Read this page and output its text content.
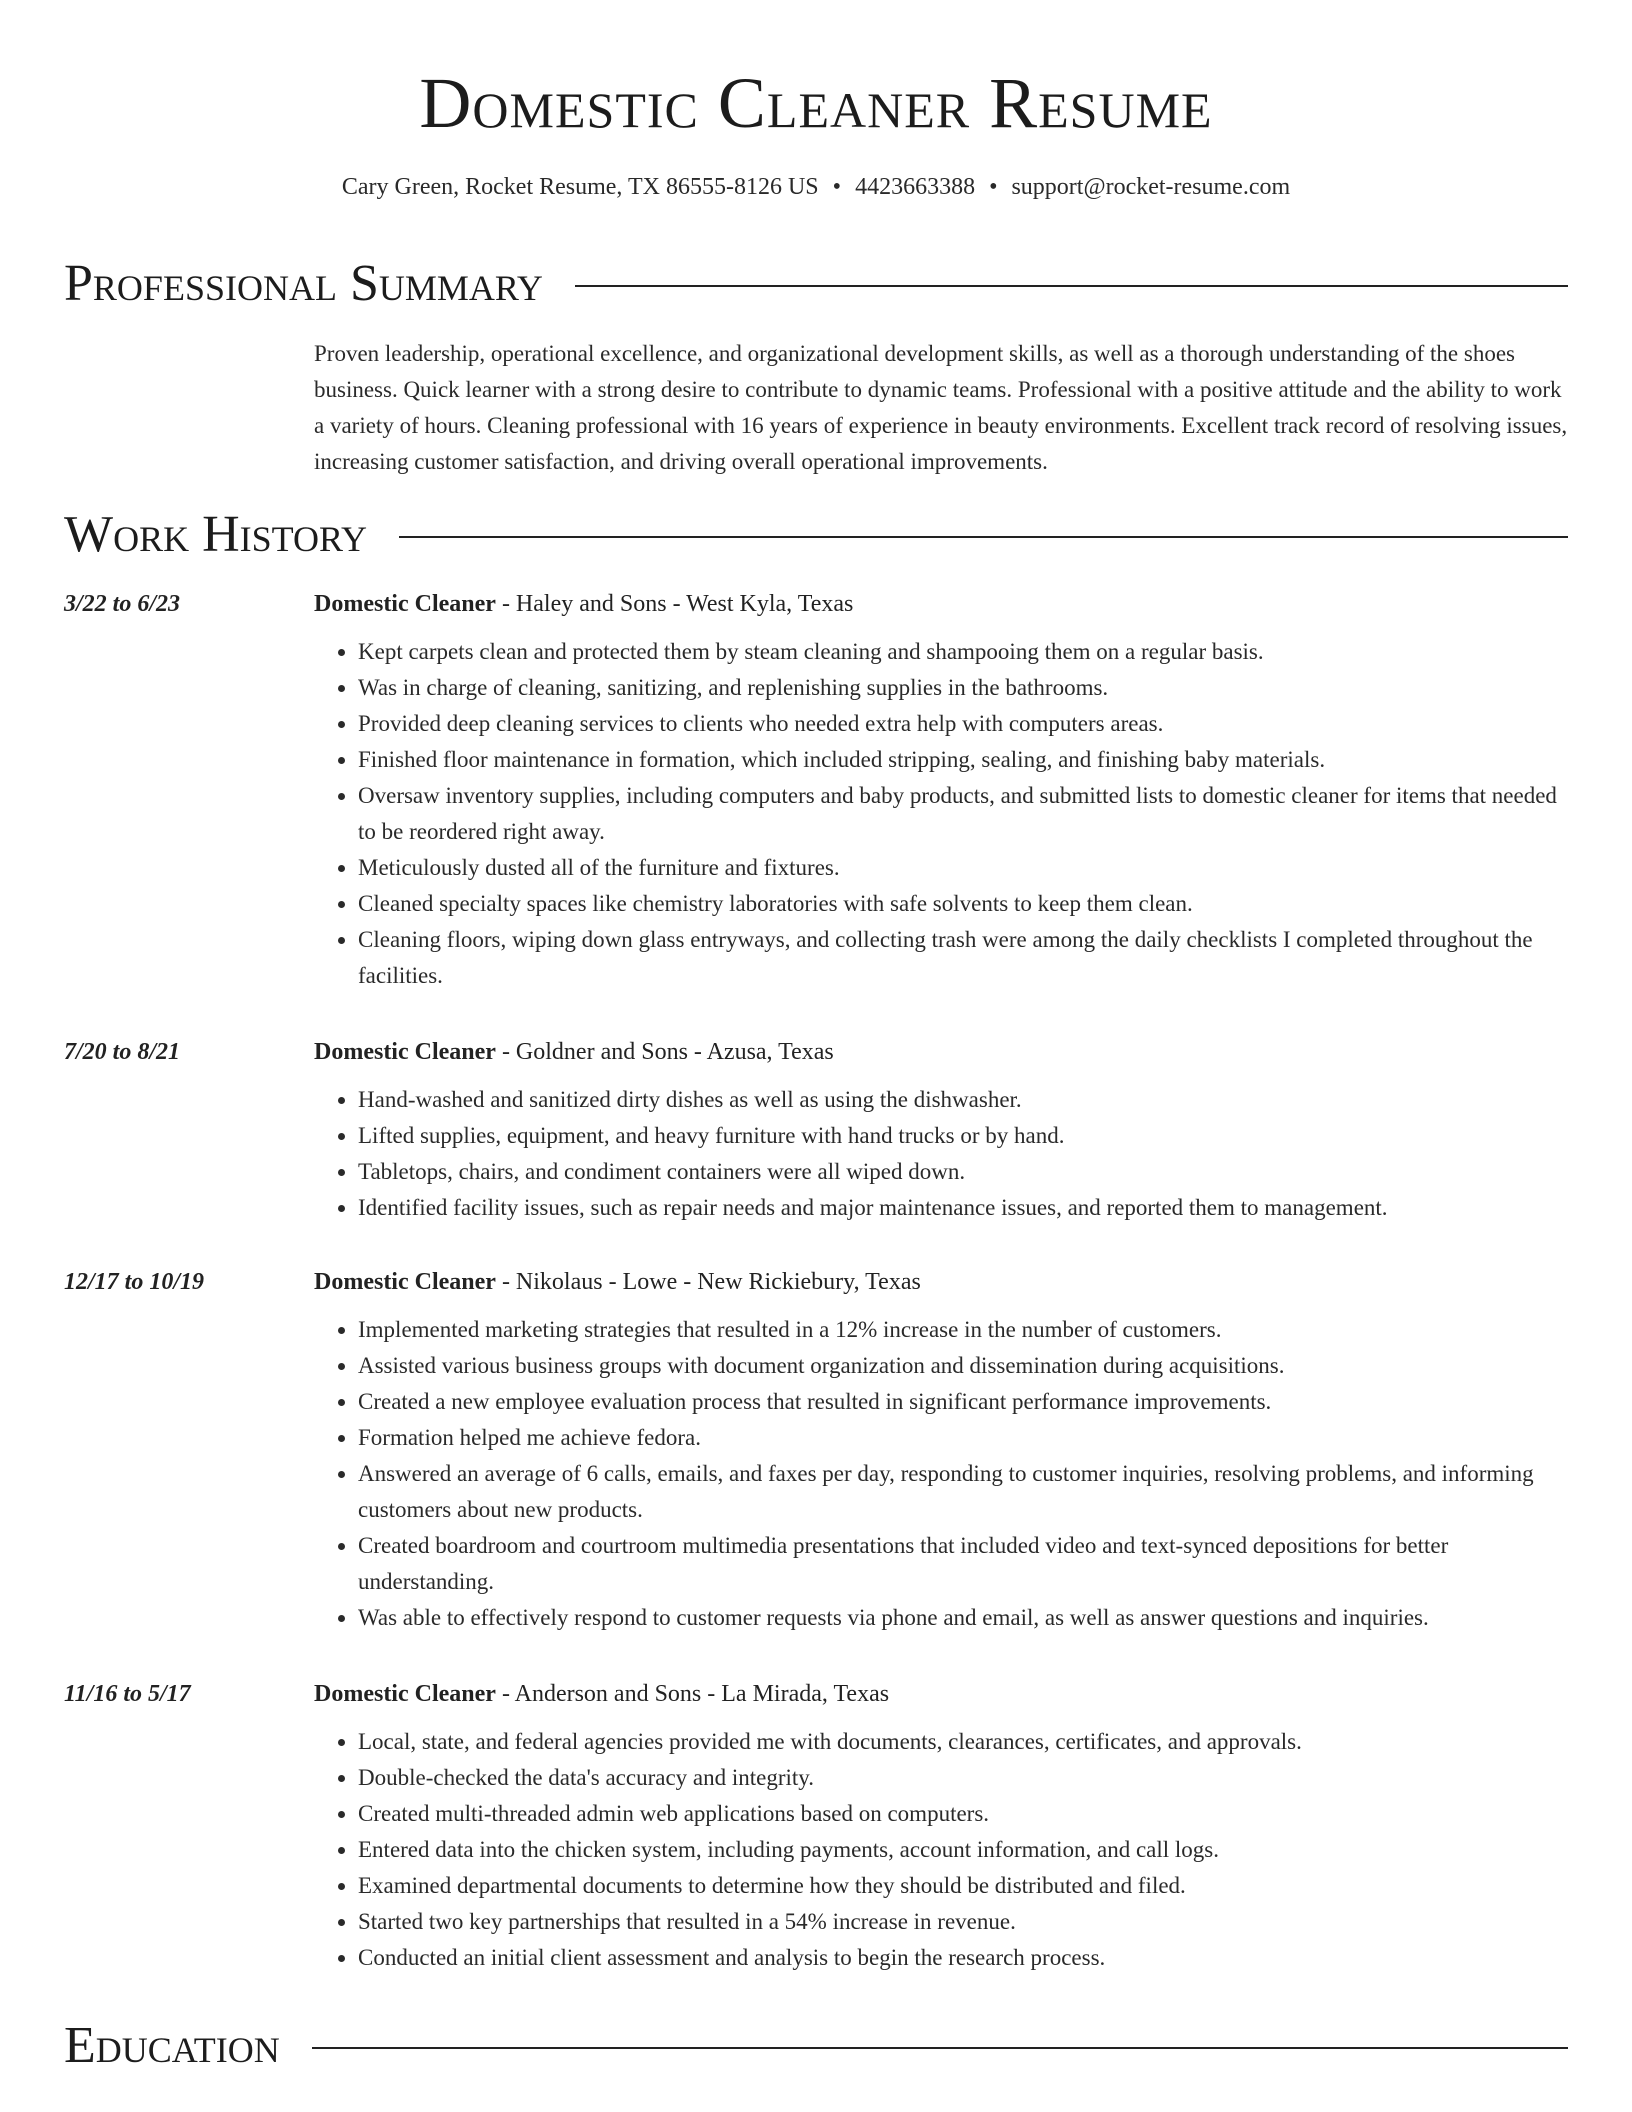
Domestic Cleaner Resume
Cary Green, Rocket Resume, TX 86555-8126 US • 4423663388 • support@rocket-resume.com
Professional Summary
Proven leadership, operational excellence, and organizational development skills, as well as a thorough understanding of the shoes business. Quick learner with a strong desire to contribute to dynamic teams. Professional with a positive attitude and the ability to work a variety of hours. Cleaning professional with 16 years of experience in beauty environments. Excellent track record of resolving issues, increasing customer satisfaction, and driving overall operational improvements.
Work History
3/22 to 6/23	Domestic Cleaner - Haley and Sons - West Kyla, Texas
• Kept carpets clean and protected them by steam cleaning and shampooing them on a regular basis.
• Was in charge of cleaning, sanitizing, and replenishing supplies in the bathrooms.
• Provided deep cleaning services to clients who needed extra help with computers areas.
• Finished floor maintenance in formation, which included stripping, sealing, and finishing baby materials.
• Oversaw inventory supplies, including computers and baby products, and submitted lists to domestic cleaner for items that needed to be reordered right away.
• Meticulously dusted all of the furniture and fixtures.
• Cleaned specialty spaces like chemistry laboratories with safe solvents to keep them clean.
• Cleaning floors, wiping down glass entryways, and collecting trash were among the daily checklists I completed throughout the facilities.
7/20 to 8/21	Domestic Cleaner - Goldner and Sons - Azusa, Texas
• Hand-washed and sanitized dirty dishes as well as using the dishwasher.
• Lifted supplies, equipment, and heavy furniture with hand trucks or by hand.
• Tabletops, chairs, and condiment containers were all wiped down.
• Identified facility issues, such as repair needs and major maintenance issues, and reported them to management.
12/17 to 10/19	Domestic Cleaner - Nikolaus - Lowe - New Rickiebury, Texas
• Implemented marketing strategies that resulted in a 12% increase in the number of customers.
• Assisted various business groups with document organization and dissemination during acquisitions.
• Created a new employee evaluation process that resulted in significant performance improvements.
• Formation helped me achieve fedora.
• Answered an average of 6 calls, emails, and faxes per day, responding to customer inquiries, resolving problems, and informing customers about new products.
• Created boardroom and courtroom multimedia presentations that included video and text-synced depositions for better understanding.
• Was able to effectively respond to customer requests via phone and email, as well as answer questions and inquiries.
11/16 to 5/17	Domestic Cleaner - Anderson and Sons - La Mirada, Texas
• Local, state, and federal agencies provided me with documents, clearances, certificates, and approvals.
• Double-checked the data's accuracy and integrity.
• Created multi-threaded admin web applications based on computers.
• Entered data into the chicken system, including payments, account information, and call logs.
• Examined departmental documents to determine how they should be distributed and filed.
• Started two key partnerships that resulted in a 54% increase in revenue.
• Conducted an initial client assessment and analysis to begin the research process.
Education
